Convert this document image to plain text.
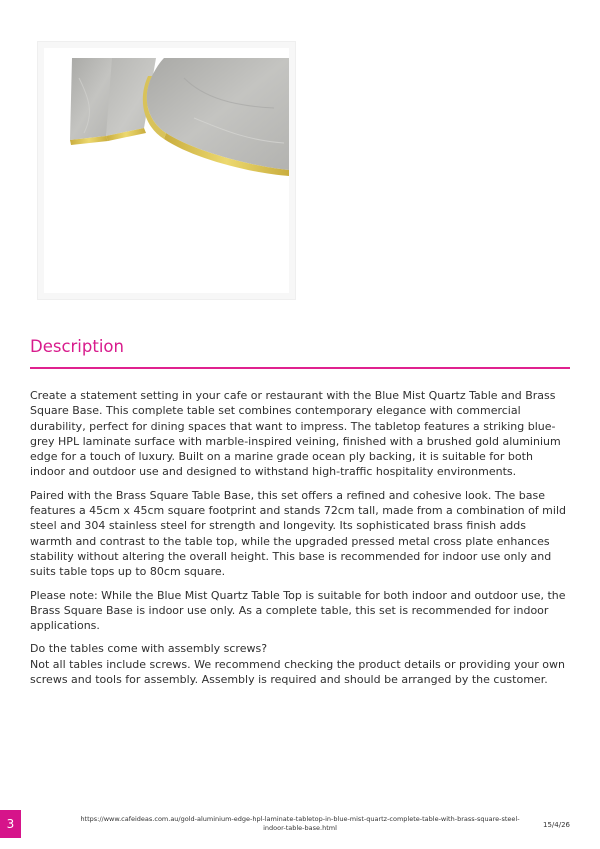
Description

Create a statement setting in your cafe or restaurant with the Blue Mist Quartz Table and Brass Square Base. This complete table set combines contemporary elegance with commercial durability, perfect for dining spaces that want to impress. The tabletop features a striking blue-grey HPL laminate surface with marble-inspired veining, finished with a brushed gold aluminium edge for a touch of luxury. Built on a marine grade ocean ply backing, it is suitable for both indoor and outdoor use and designed to withstand high-traffic hospitality environments.

Paired with the Brass Square Table Base, this set offers a refined and cohesive look. The base features a 45cm x 45cm square footprint and stands 72cm tall, made from a combination of mild steel and 304 stainless steel for strength and longevity. Its sophisticated brass finish adds warmth and contrast to the table top, while the upgraded pressed metal cross plate enhances stability without altering the overall height. This base is recommended for indoor use only and suits table tops up to 80cm square.

Please note: While the Blue Mist Quartz Table Top is suitable for both indoor and outdoor use, the Brass Square Base is indoor use only. As a complete table, this set is recommended for indoor applications.

Do the tables come with assembly screws?

Not all tables include screws. We recommend checking the product details or providing your own screws and tools for assembly. Assembly is required and should be arranged by the customer.

3	https://www.cafeideas.com.au/gold-aluminium-edge-hpl-laminate-tabletop-in-blue-mist-quartz-complete-table-with-brass-square-steel-indoor-table-base.html	15/4/26
